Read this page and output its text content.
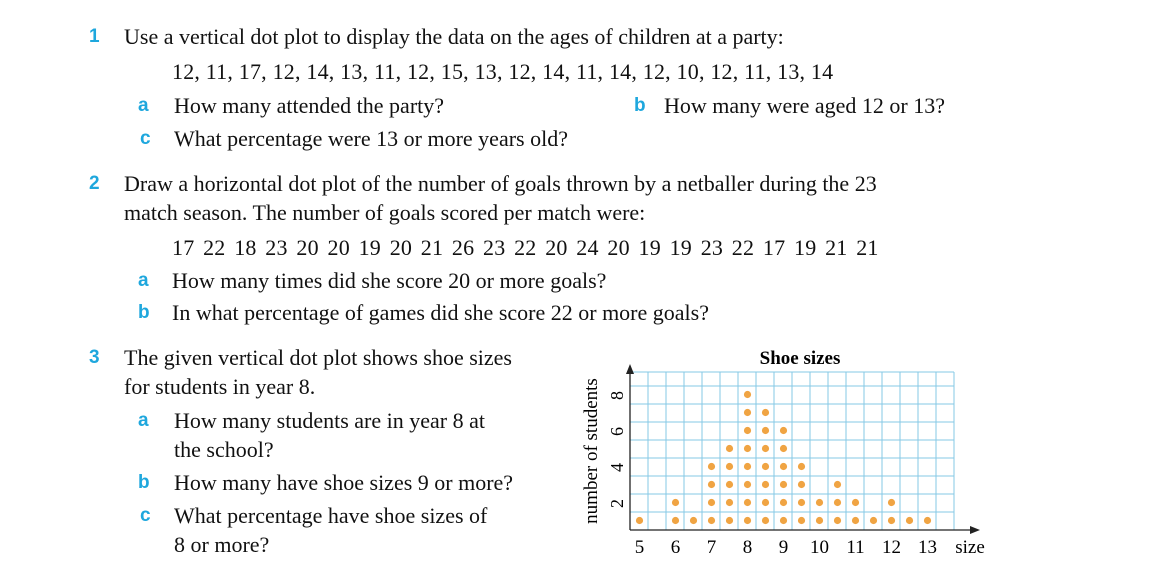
1 Use a vertical dot plot to display the data on the ages of children at a party:
12, 11, 17, 12, 14, 13, 11, 12, 15, 13, 12, 14, 11, 14, 12, 10, 12, 11, 13, 14
a How many attended the party?	b How many were aged 12 or 13?
c What percentage were 13 or more years old?
2 Draw a horizontal dot plot of the number of goals thrown by a netballer during the 23
match season. The number of goals scored per match were:
17 22 18 23 20 20 19 20 21 26 23 22 20 24 20 19 19 23 22 17 19 21 21
a How many times did she score 20 or more goals?
b In what percentage of games did she score 22 or more goals?
3 The given vertical dot plot shows shoe sizes
for students in year 8.
a How many students are in year 8 at
the school?
b How many have shoe sizes 9 or more?
c What percentage have shoe sizes of
8 or more?
Shoe sizes
number of students
size
2
4
6
8
5 6 7 8 9 10 11 12 13
